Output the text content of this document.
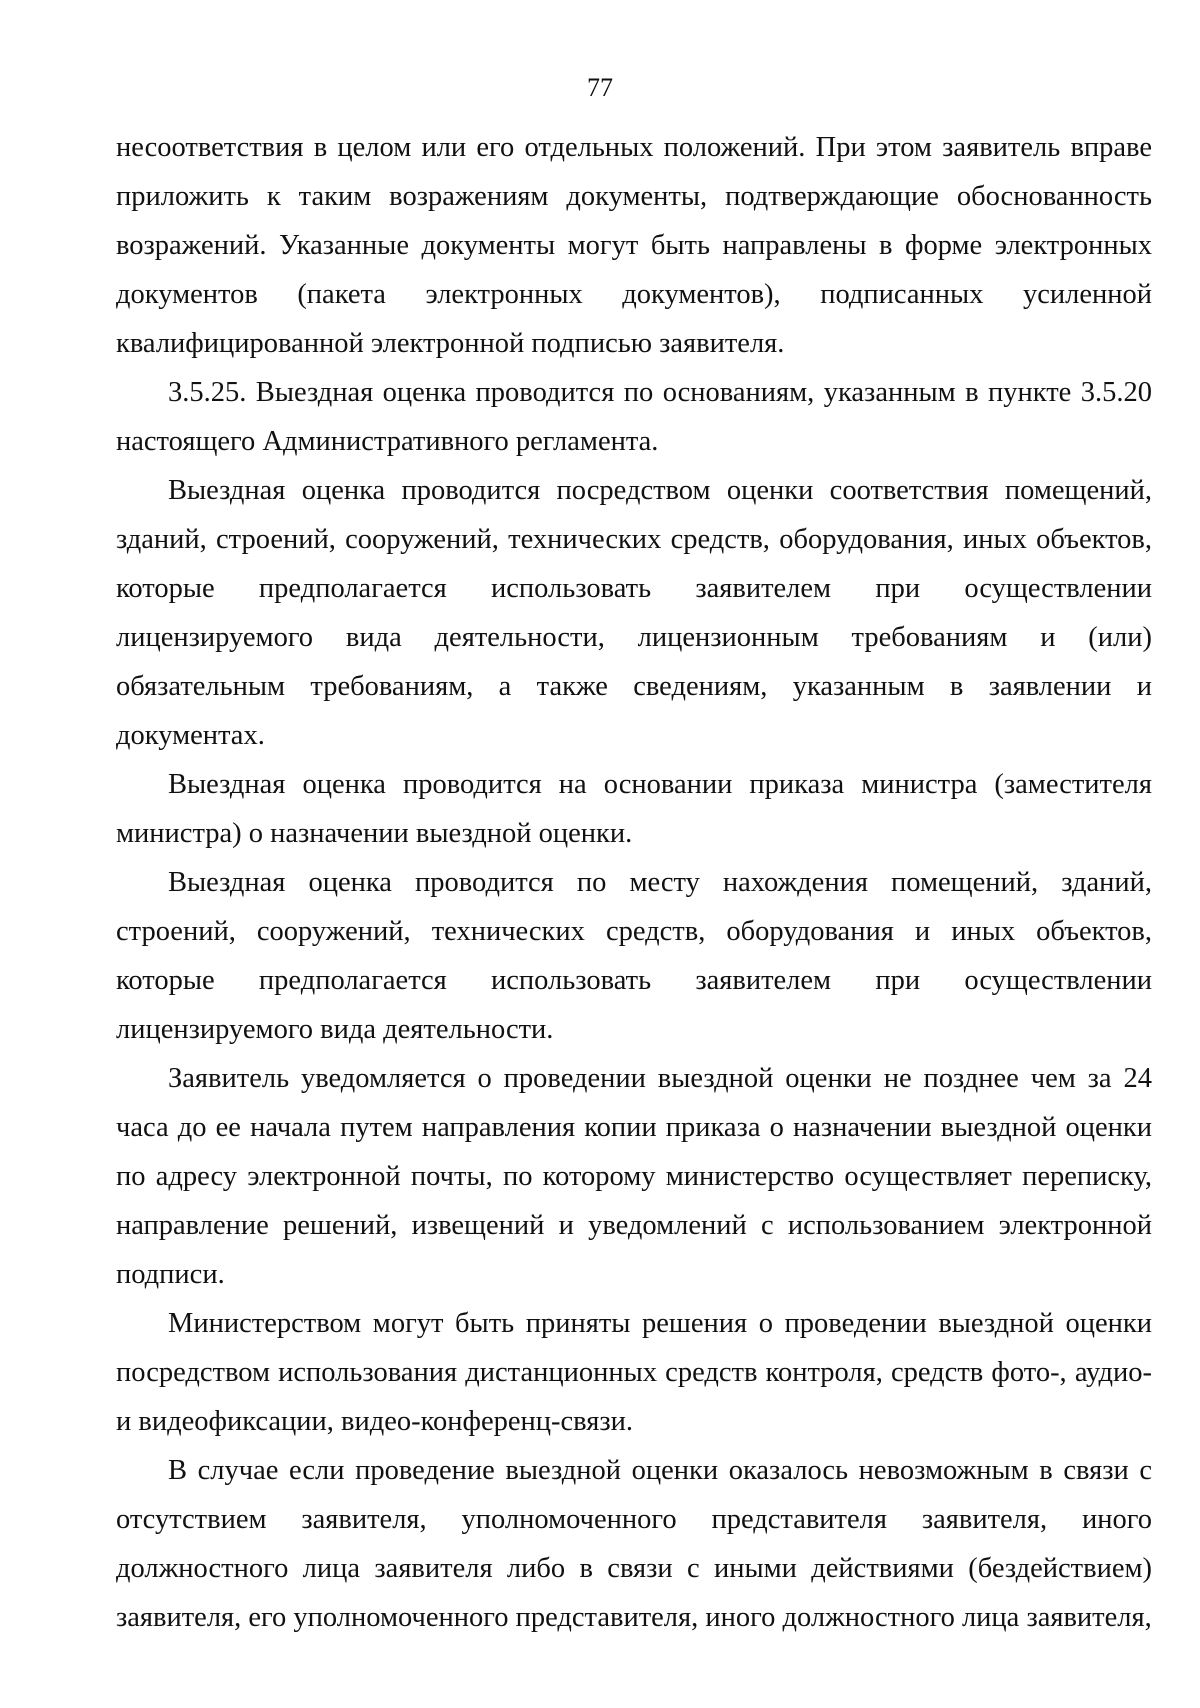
77

несоответствия в целом или его отдельных положений. При этом заявитель вправе приложить к таким возражениям документы, подтверждающие обоснованность возражений. Указанные документы могут быть направлены в форме электронных документов (пакета электронных документов), подписанных усиленной квалифицированной электронной подписью заявителя.

3.5.25. Выездная оценка проводится по основаниям, указанным в пункте 3.5.20 настоящего Административного регламента.

Выездная оценка проводится посредством оценки соответствия помещений, зданий, строений, сооружений, технических средств, оборудования, иных объектов, которые предполагается использовать заявителем при осуществлении лицензируемого вида деятельности, лицензионным требованиям и (или) обязательным требованиям, а также сведениям, указанным в заявлении и документах.

Выездная оценка проводится на основании приказа министра (заместителя министра) о назначении выездной оценки.

Выездная оценка проводится по месту нахождения помещений, зданий, строений, сооружений, технических средств, оборудования и иных объектов, которые предполагается использовать заявителем при осуществлении лицензируемого вида деятельности.

Заявитель уведомляется о проведении выездной оценки не позднее чем за 24 часа до ее начала путем направления копии приказа о назначении выездной оценки по адресу электронной почты, по которому министерство осуществляет переписку, направление решений, извещений и уведомлений с использованием электронной подписи.

Министерством могут быть приняты решения о проведении выездной оценки посредством использования дистанционных средств контроля, средств фото-, аудио- и видеофиксации, видео-конференц-связи.

В случае если проведение выездной оценки оказалось невозможным в связи с отсутствием заявителя, уполномоченного представителя заявителя, иного должностного лица заявителя либо в связи с иными действиями (бездействием) заявителя, его уполномоченного представителя, иного должностного лица заявителя,
